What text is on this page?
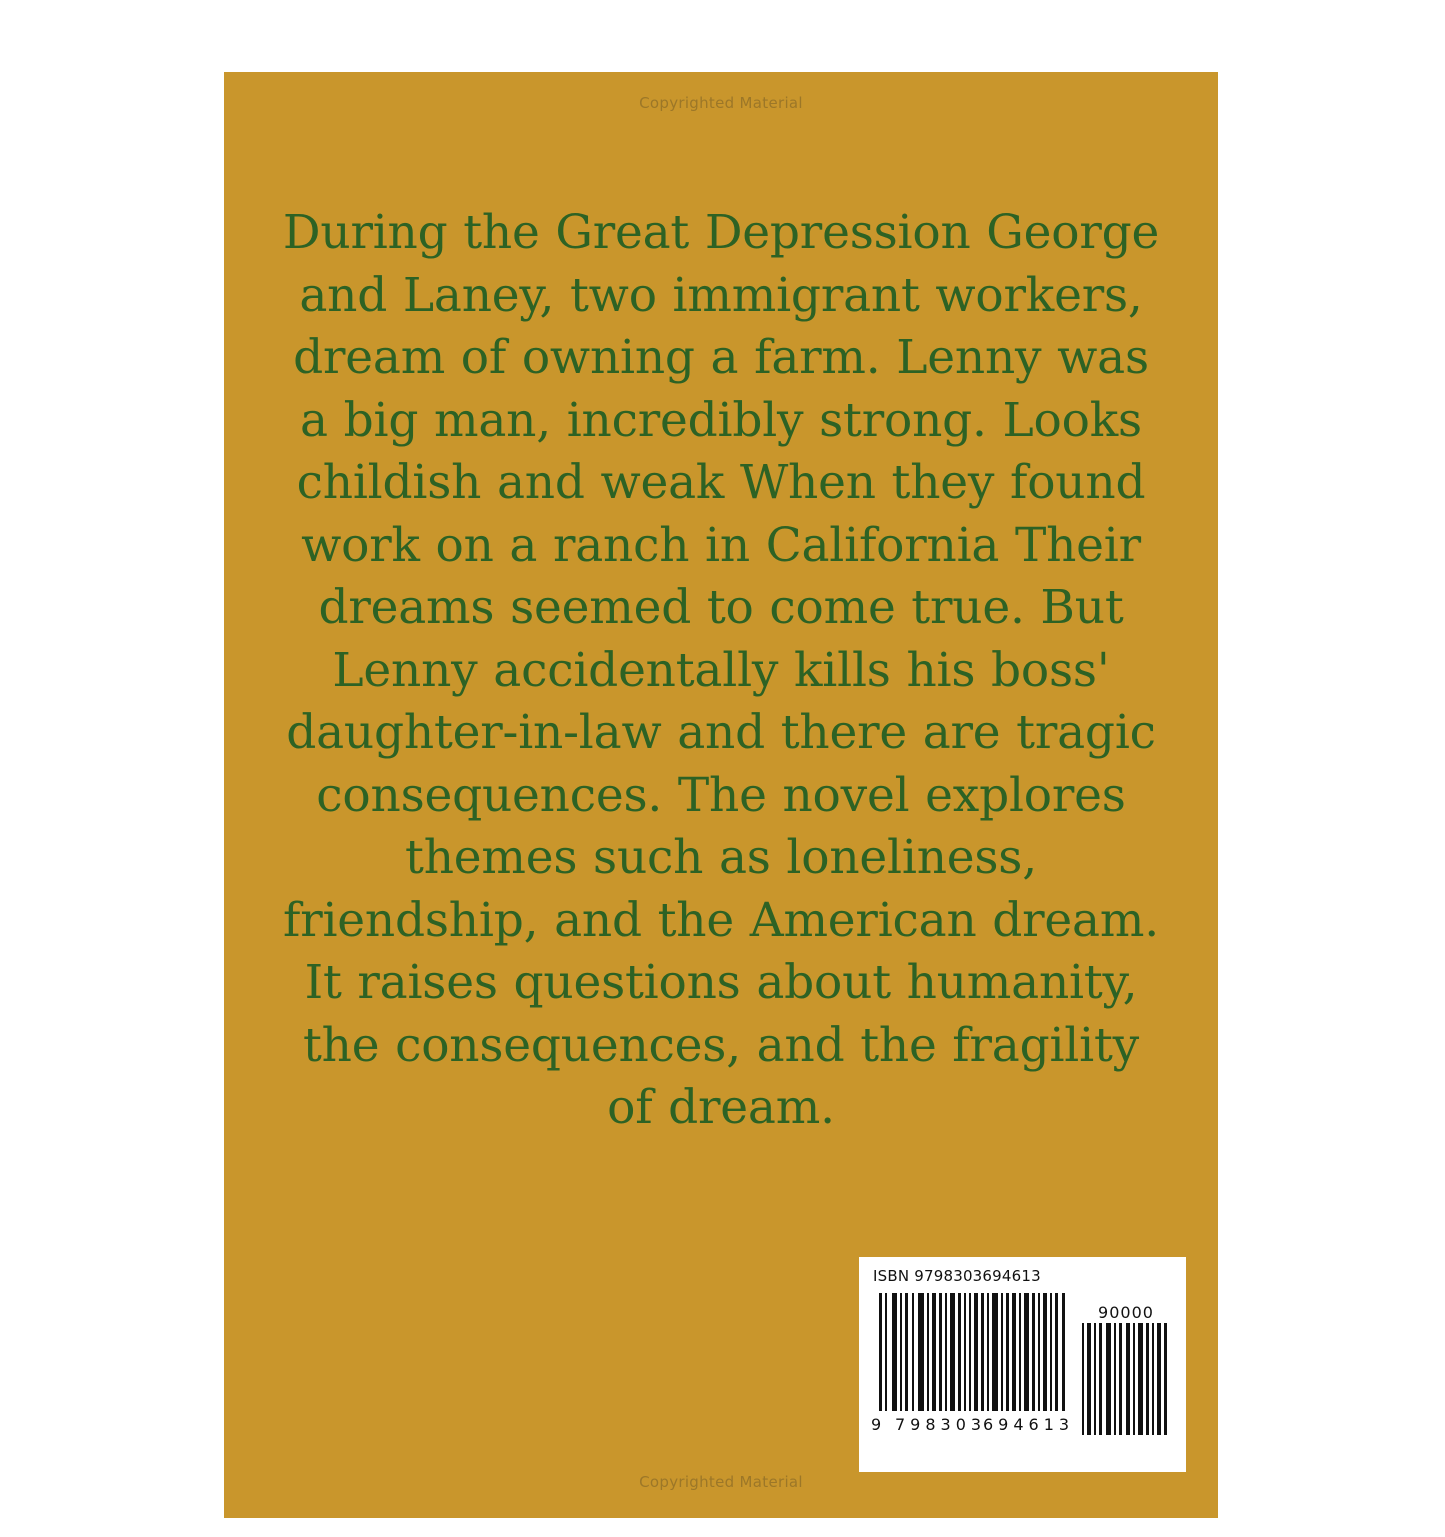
Copyrighted Material
During the Great Depression George and Laney, two immigrant workers, dream of owning a farm. Lenny was a big man, incredibly strong. Looks childish and weak When they found work on a ranch in California Their dreams seemed to come true. But Lenny accidentally kills his boss' daughter-in-law and there are tragic consequences. The novel explores themes such as loneliness, friendship, and the American dream. It raises questions about humanity, the consequences, and the fragility of dream.
Copyrighted Material
ISBN 9798303694613
9 798303
694613
90000
